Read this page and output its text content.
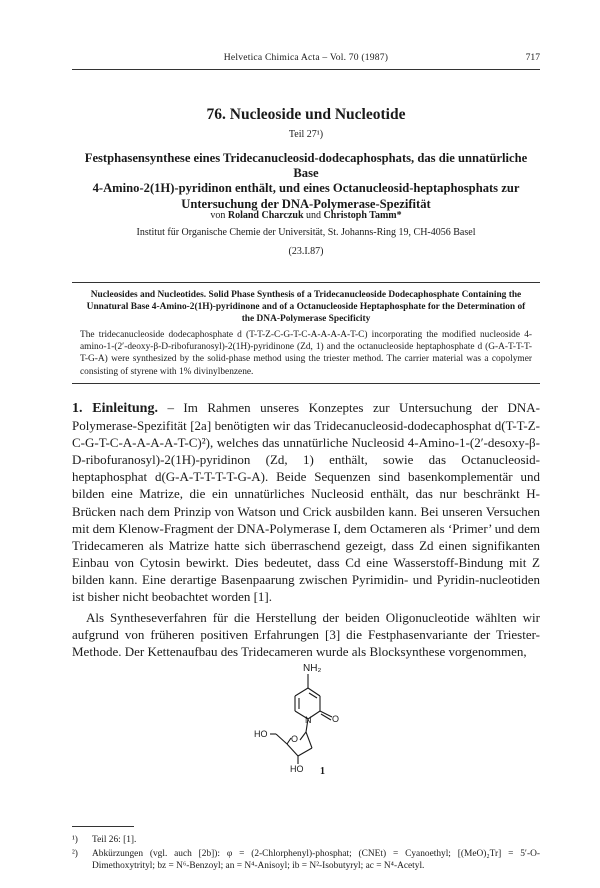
Helvetica Chimica Acta – Vol. 70 (1987)	717
76. Nucleoside und Nucleotide
Teil 27¹)
Festphasensynthese eines Tridecanucleosid-dodecaphosphats, das die unnatürliche Base
4-Amino-2(1H)-pyridinon enthält, und eines Octanucleosid-heptaphosphats zur
Untersuchung der DNA-Polymerase-Spezifität
von Roland Charczuk und Christoph Tamm*
Institut für Organische Chemie der Universität, St. Johanns-Ring 19, CH-4056 Basel
(23.I.87)
Nucleosides and Nucleotides. Solid Phase Synthesis of a Tridecanucleoside Dodecaphosphate Containing the
Unnatural Base 4-Amino-2(1H)-pyridinone and of a Octanucleoside Heptaphosphate for the Determination of
the DNA-Polymerase Specificity
The tridecanucleoside dodecaphosphate d (T-T-Z-C-G-T-C-A-A-A-A-T-C) incorporating the modified nucleoside 4-amino-1-(2′-deoxy-β-D-ribofuranosyl)-2(1H)-pyridinone (Zd, 1) and the octanucleoside heptaphosphate d (G-A-T-T-T-T-G-A) were synthesized by the solid-phase method using the triester method. The carrier material was a copolymer consisting of styrene with 1% divinylbenzene.
1. Einleitung. – Im Rahmen unseres Konzeptes zur Untersuchung der DNA-Polymerase-Spezifität [2a] benötigten wir das Tridecanucleosid-dodecaphosphat d(T-T-Z-C-G-T-C-A-A-A-A-T-C)²), welches das unnatürliche Nucleosid 4-Amino-1-(2′-desoxy-β-D-ribofuranosyl)-2(1H)-pyridinon (Zd, 1) enthält, sowie das Octanucleosid-heptaphosphat d(G-A-T-T-T-T-G-A). Beide Sequenzen sind basenkomplementär und bilden eine Matrize, die ein unnatürliches Nucleosid enthält, das nur beschränkt H-Brücken nach dem Prinzip von Watson und Crick ausbilden kann. Bei unseren Versuchen mit dem Klenow-Fragment der DNA-Polymerase I, dem Octameren als ‘Primer’ und dem Tridecameren als Matrize hatte sich überraschend gezeigt, dass Zd einen signifikanten Einbau von Cytosin bewirkt. Dies bedeutet, dass Cd eine Wasserstoff-Bindung mit Z bilden kann. Eine derartige Basenpaarung zwischen Pyrimidin- und Pyridin-nucleotiden ist bisher nicht beobachtet worden [1].
Als Syntheseverfahren für die Herstellung der beiden Oligonucleotide wählten wir aufgrund von früheren positiven Erfahrungen [3] die Festphasenvariante der Triester-Methode. Der Kettenaufbau des Tridecameren wurde als Blocksynthese vorgenommen,
NH₂
N O
O
HO
HO 1
¹) Teil 26: [1].
²) Abkürzungen (vgl. auch [2b]): φ = (2-Chlorphenyl)-phosphat; (CNEt) = Cyanoethyl; [(MeO)₂Tr] = 5′-O-Dimethoxytrityl; bz = N⁶-Benzoyl; an = N⁴-Anisoyl; ib = N²-Isobutyryl; ac = N⁴-Acetyl.
